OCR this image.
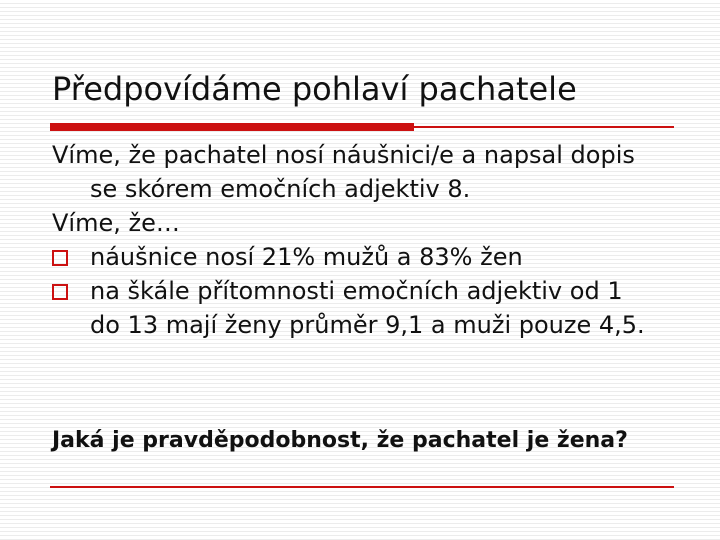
Předpovídáme pohlaví pachatele
Víme, že pachatel nosí náušnici/e a napsal dopis
se skórem emočních adjektiv 8.
Víme, že…
náušnice nosí 21% mužů a 83% žen
na škále přítomnosti emočních adjektiv od 1
do 13 mají ženy průměr 9,1 a muži pouze 4,5.

Jaká je pravděpodobnost, že pachatel je žena?
